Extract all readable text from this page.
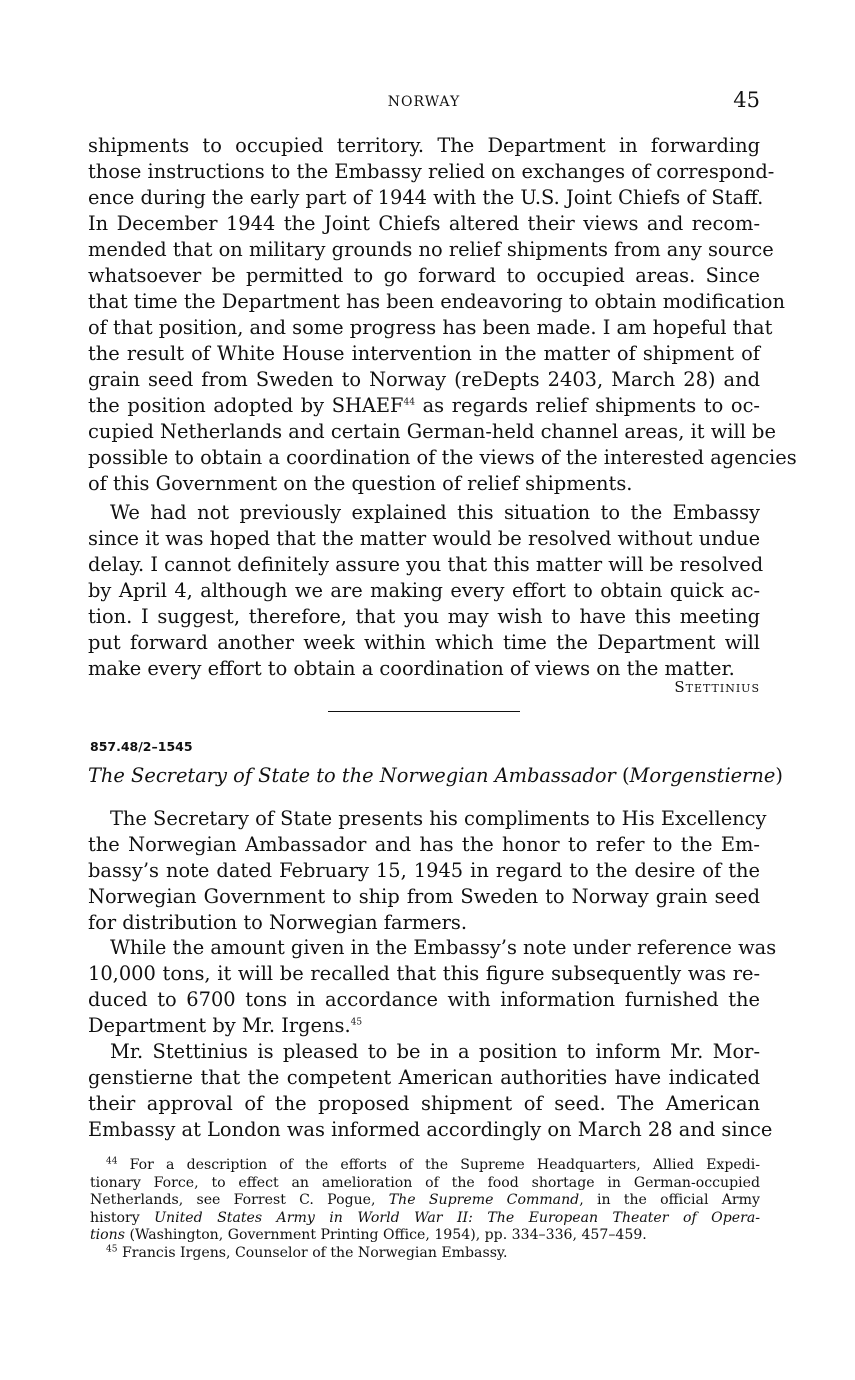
NORWAY	45
shipments to occupied territory. The Department in forwarding
those instructions to the Embassy relied on exchanges of correspond-
ence during the early part of 1944 with the U.S. Joint Chiefs of Staff.
In December 1944 the Joint Chiefs altered their views and recom-
mended that on military grounds no relief shipments from any source
whatsoever be permitted to go forward to occupied areas. Since
that time the Department has been endeavoring to obtain modification
of that position, and some progress has been made. I am hopeful that
the result of White House intervention in the matter of shipment of
grain seed from Sweden to Norway (reDepts 2403, March 28) and
the position adopted by SHAEF$^{44}$ as regards relief shipments to oc-
cupied Netherlands and certain German-held channel areas, it will be
possible to obtain a coordination of the views of the interested agencies
of this Government on the question of relief shipments.
We had not previously explained this situation to the Embassy
since it was hoped that the matter would be resolved without undue
delay. I cannot definitely assure you that this matter will be resolved
by April 4, although we are making every effort to obtain quick ac-
tion. I suggest, therefore, that you may wish to have this meeting
put forward another week within which time the Department will
make every effort to obtain a coordination of views on the matter.
Stettinius
857.48/2–1545
The Secretary of State to the Norwegian Ambassador (Morgenstierne)
The Secretary of State presents his compliments to His Excellency
the Norwegian Ambassador and has the honor to refer to the Em-
bassy’s note dated February 15, 1945 in regard to the desire of the
Norwegian Government to ship from Sweden to Norway grain seed
for distribution to Norwegian farmers.
While the amount given in the Embassy’s note under reference was
10,000 tons, it will be recalled that this figure subsequently was re-
duced to 6700 tons in accordance with information furnished the
Department by Mr. Irgens.$^{45}$
Mr. Stettinius is pleased to be in a position to inform Mr. Mor-
genstierne that the competent American authorities have indicated
their approval of the proposed shipment of seed. The American
Embassy at London was informed accordingly on March 28 and since
$^{44}$ For a description of the efforts of the Supreme Headquarters, Allied Expedi-
tionary Force, to effect an amelioration of the food shortage in German-occupied
Netherlands, see Forrest C. Pogue, The Supreme Command, in the official Army
history United States Army in World War II: The European Theater of Opera-
tions (Washington, Government Printing Office, 1954), pp. 334–336, 457–459.
$^{45}$ Francis Irgens, Counselor of the Norwegian Embassy.
